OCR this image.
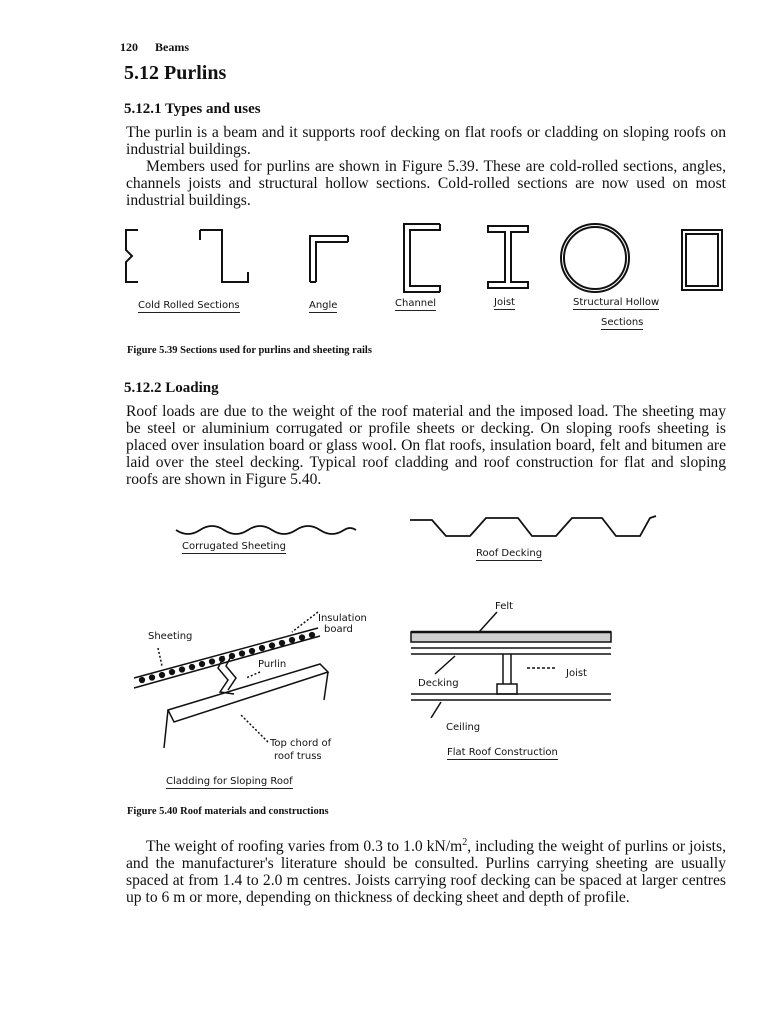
120 Beams
5.12 Purlins
5.12.1 Types and uses

The purlin is a beam and it supports roof decking on flat roofs or cladding on sloping roofs on industrial buildings.
Members used for purlins are shown in Figure 5.39. These are cold-rolled sections, angles, channels joists and structural hollow sections. Cold-rolled sections are now used on most industrial buildings.

Cold Rolled Sections	Angle	Channel	Joist	Structural Hollow
Sections

Figure 5.39 Sections used for purlins and sheeting rails

5.12.2 Loading

Roof loads are due to the weight of the roof material and the imposed load. The sheeting may be steel or aluminium corrugated or profile sheets or decking. On sloping roofs sheeting is placed over insulation board or glass wool. On flat roofs, insulation board, felt and bitumen are laid over the steel decking. Typical roof cladding and roof construction for flat and sloping roofs are shown in Figure 5.40.

Corrugated Sheeting
Roof Decking
Sheeting
Insulation
board
Purlin
Top chord of
roof truss
Cladding for Sloping Roof
Felt
Joist
Decking
Ceiling
Flat Roof Construction

Figure 5.40 Roof materials and constructions

The weight of roofing varies from 0.3 to 1.0 $kN/m^2$, including the weight of purlins or joists, and the manufacturer's literature should be consulted. Purlins carrying sheeting are usually spaced at from 1.4 to 2.0 m centres. Joists carrying roof decking can be spaced at larger centres up to 6 m or more, depending on thickness of decking sheet and depth of profile.
